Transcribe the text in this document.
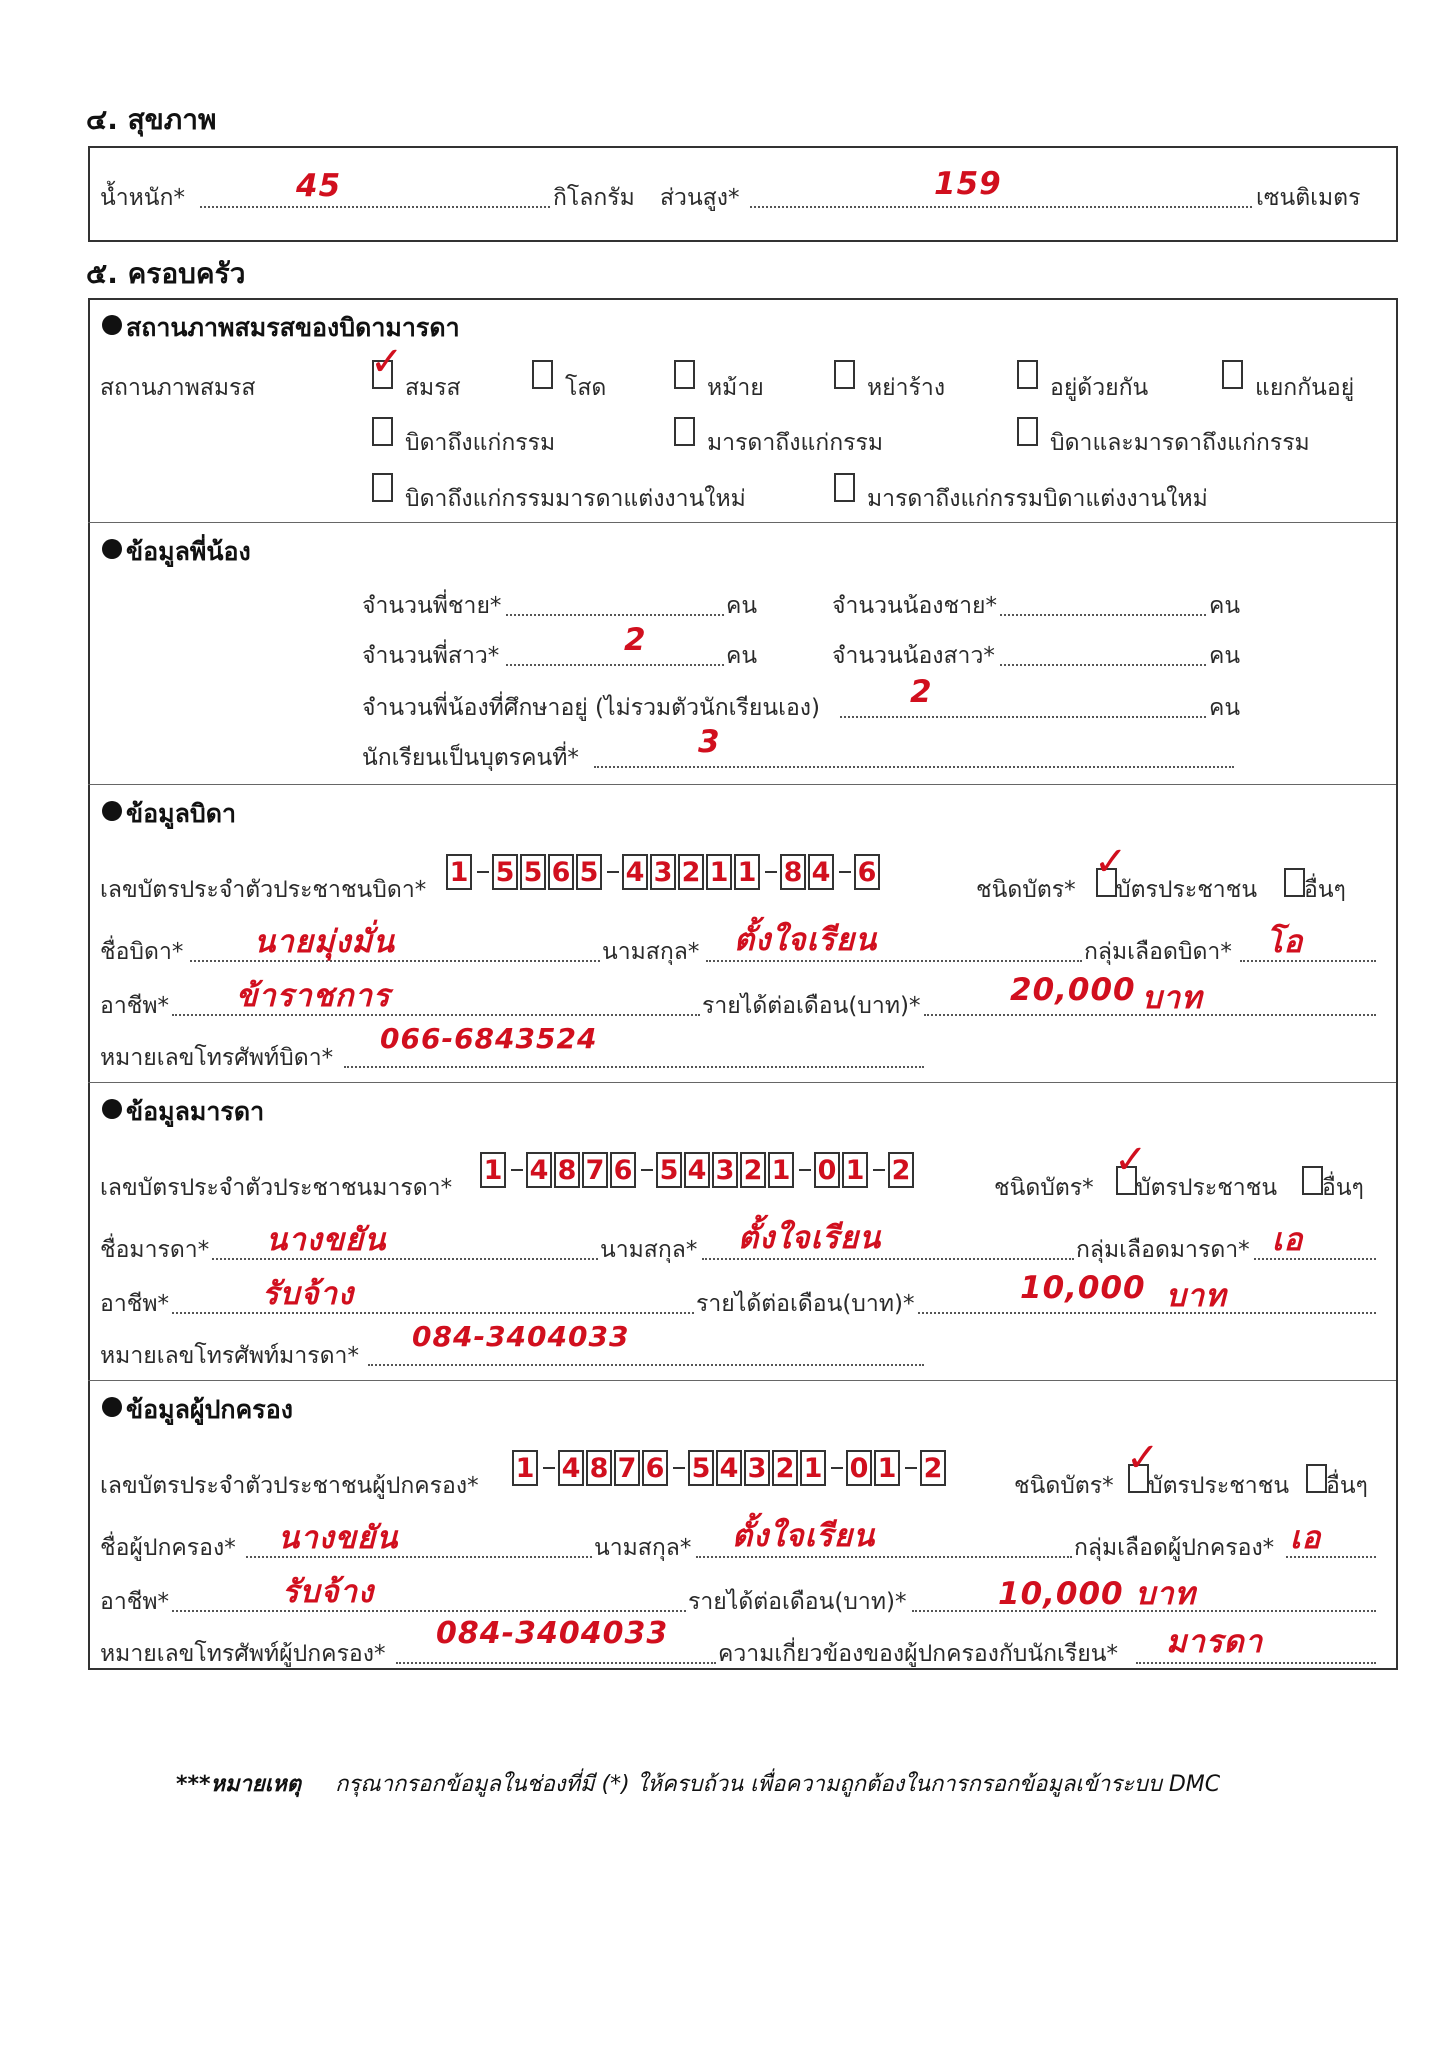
๔. สุขภาพ
น้ำหนัก*	45	กิโลกรัม ส่วนสูง*	159	เซนติเมตร
๕. ครอบครัว
สถานภาพสมรสของบิดามารดา
สถานภาพสมรส
✓
สมรส	โสด	หม้าย	หย่าร้าง	อยู่ด้วยกัน	แยกกันอยู่
บิดาถึงแก่กรรม	มารดาถึงแก่กรรม	บิดาและมารดาถึงแก่กรรม
บิดาถึงแก่กรรมมารดาแต่งงานใหม่	มารดาถึงแก่กรรมบิดาแต่งงานใหม่
ข้อมูลพี่น้อง
จำนวนพี่ชาย*	คน	จำนวนน้องชาย*	คน
จำนวนพี่สาว*	2	คน	จำนวนน้องสาว*	คน
จำนวนพี่น้องที่ศึกษาอยู่ (ไม่รวมตัวนักเรียนเอง)	2	คน
นักเรียนเป็นบุตรคนที่*	3
ข้อมูลบิดา
เลขบัตรประจำตัวประชาชนบิดา*
1 5 5 6 5 4 3 2 1 1 8 4 6
ชนิดบัตร*
✓
บัตรประชาชน อื่นๆ
ชื่อบิดา* นายมุ่งมั่น	นามสกุล* ตั้งใจเรียน	กลุ่มเลือดบิดา* โอ
อาชีพ* ข้าราชการ	รายได้ต่อเดือน(บาท)*	20,000 บาท
หมายเลขโทรศัพท์บิดา*
066-6843524
ข้อมูลมารดา
เลขบัตรประจำตัวประชาชนมารดา*
1 4 8 7 6 5 4 3 2 1 0 1 2
ชนิดบัตร*
✓
บัตรประชาชน อื่นๆ
ชื่อมารดา* นางขยัน	นามสกุล* ตั้งใจเรียน	กลุ่มเลือดมารดา* เอ
อาชีพ*	รับจ้าง	รายได้ต่อเดือน(บาท)*	10,000 บาท
หมายเลขโทรศัพท์มารดา*
084-3404033
ข้อมูลผู้ปกครอง
เลขบัตรประจำตัวประชาชนผู้ปกครอง*
1 4 8 7 6 5 4 3 2 1 0 1 2
ชนิดบัตร*
✓
บัตรประชาชน อื่นๆ
ชื่อผู้ปกครอง* นางขยัน	นามสกุล* ตั้งใจเรียน	กลุ่มเลือดผู้ปกครอง* เอ
อาชีพ*	รับจ้าง	รายได้ต่อเดือน(บาท)*	10,000 บาท
หมายเลขโทรศัพท์ผู้ปกครอง*
084-3404033
ความเกี่ยวข้องของผู้ปกครองกับนักเรียน* มารดา
***หมายเหตุ กรุณากรอกข้อมูลในช่องที่มี (*) ให้ครบถ้วน เพื่อความถูกต้องในการกรอกข้อมูลเข้าระบบ DMC
